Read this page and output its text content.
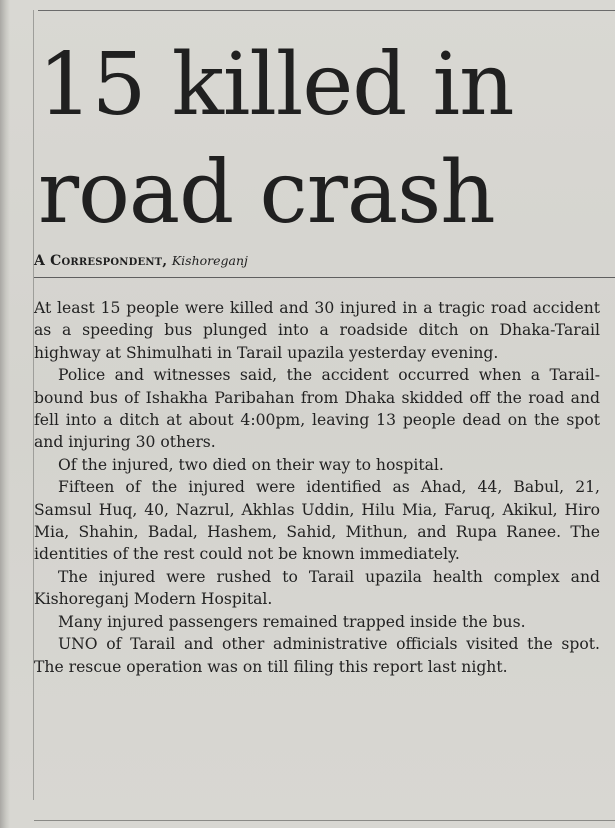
15 killed in
road crash
A Correspondent, Kishoreganj

At least 15 people were killed and 30 injured in a tragic road accident as a speeding bus plunged into a roadside ditch on Dhaka-Tarail highway at Shimulhati in Tarail upazila yesterday evening.

Police and witnesses said, the accident occurred when a Tarail-bound bus of Ishakha Paribahan from Dhaka skidded off the road and fell into a ditch at about 4:00pm, leaving 13 people dead on the spot and injuring 30 others.

Of the injured, two died on their way to hospital.

Fifteen of the injured were identified as Ahad, 44, Babul, 21, Samsul Huq, 40, Nazrul, Akhlas Uddin, Hilu Mia, Faruq, Akikul, Hiro Mia, Shahin, Badal, Hashem, Sahid, Mithun, and Rupa Ranee. The identities of the rest could not be known immediately.

The injured were rushed to Tarail upazila health complex and Kishoreganj Modern Hospital.

Many injured passengers remained trapped inside the bus.

UNO of Tarail and other administrative officials visited the spot. The rescue operation was on till filing this report last night.
